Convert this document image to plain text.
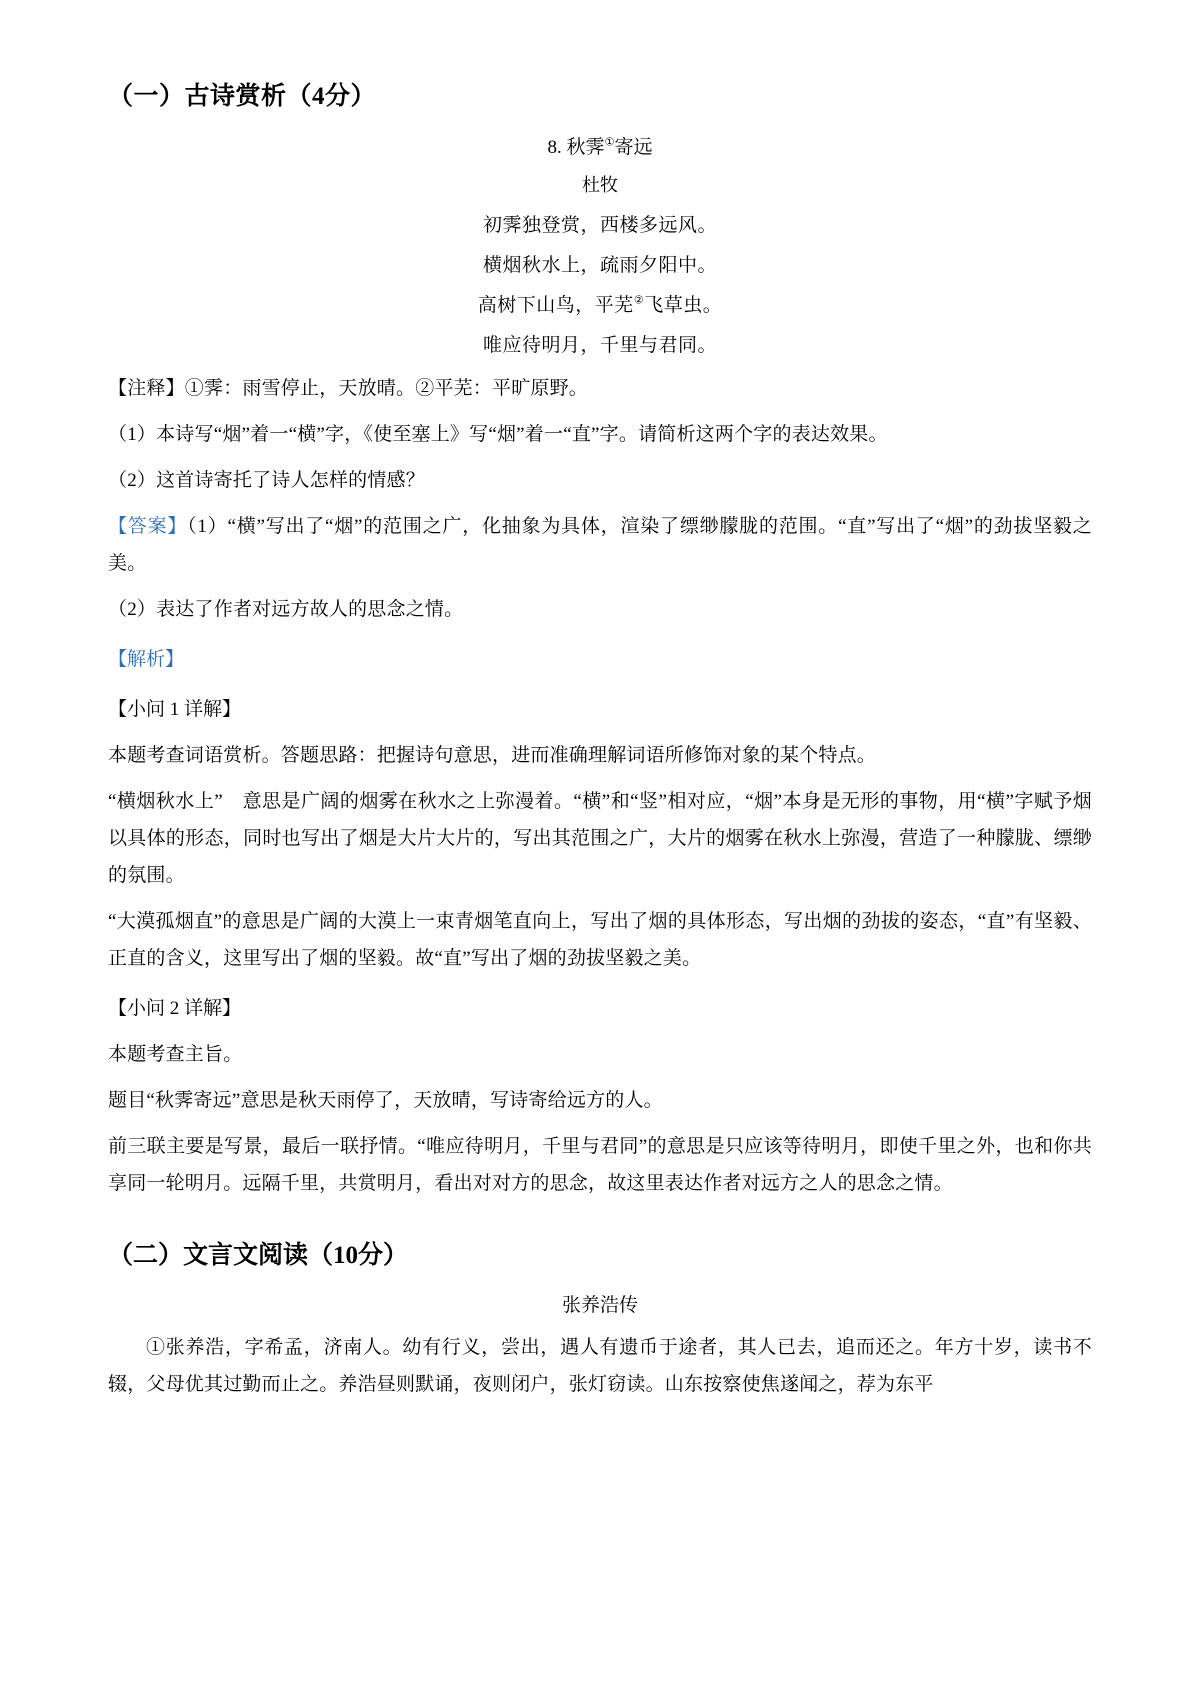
（一）古诗赏析（4分）
8. 秋霁①寄远
杜牧
初霁独登赏，西楼多远风。
横烟秋水上，疏雨夕阳中。
高树下山鸟，平芜②飞草虫。
唯应待明月，千里与君同。

【注释】①霁：雨雪停止，天放晴。②平芜：平旷原野。

（1）本诗写“烟”着一“横”字，《使至塞上》写“烟”着一“直”字。请简析这两个字的表达效果。

（2）这首诗寄托了诗人怎样的情感？

【答案】（1）“横”写出了“烟”的范围之广，化抽象为具体，渲染了缥缈朦胧的范围。“直”写出了“烟”的劲拔坚毅之美。

（2）表达了作者对远方故人的思念之情。

【解析】

【小问 1 详解】

本题考查词语赏析。答题思路：把握诗句意思，进而准确理解词语所修饰对象的某个特点。

“横烟秋水上”　意思是广阔的烟雾在秋水之上弥漫着。“横”和“竖”相对应，“烟”本身是无形的事物，用“横”字赋予烟以具体的形态，同时也写出了烟是大片大片的，写出其范围之广，大片的烟雾在秋水上弥漫，营造了一种朦胧、缥缈的氛围。

“大漠孤烟直”的意思是广阔的大漠上一束青烟笔直向上，写出了烟的具体形态，写出烟的劲拔的姿态，“直”有坚毅、正直的含义，这里写出了烟的坚毅。故“直”写出了烟的劲拔坚毅之美。

【小问 2 详解】

本题考查主旨。

题目“秋霁寄远”意思是秋天雨停了，天放晴，写诗寄给远方的人。

前三联主要是写景，最后一联抒情。“唯应待明月，千里与君同”的意思是只应该等待明月，即使千里之外，也和你共享同一轮明月。远隔千里，共赏明月，看出对对方的思念，故这里表达作者对远方之人的思念之情。

（二）文言文阅读（10分）
张养浩传

①张养浩，字希孟，济南人。幼有行义，尝出，遇人有遗币于途者，其人已去，追而还之。年方十岁，读书不辍，父母优其过勤而止之。养浩昼则默诵，夜则闭户，张灯窃读。山东按察使焦遂闻之，荐为东平
